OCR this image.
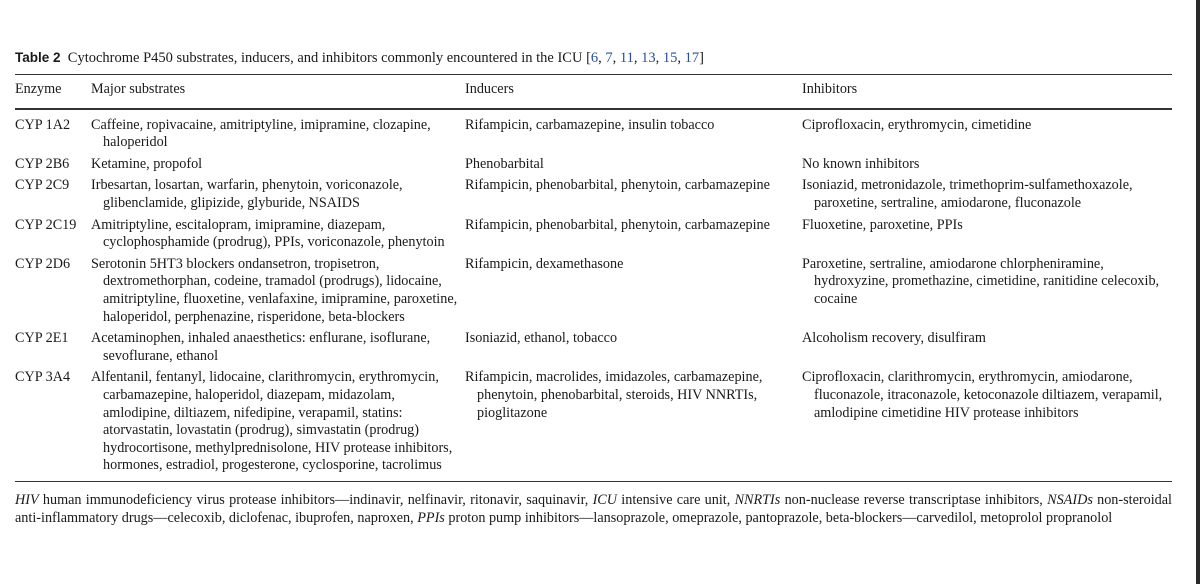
Table 2 Cytochrome P450 substrates, inducers, and inhibitors commonly encountered in the ICU [6, 7, 11, 13, 15, 17]
Enzyme	Major substrates	Inducers	Inhibitors
CYP 1A2	Caffeine, ropivacaine, amitriptyline, imipramine, clozapine, haloperidol	Rifampicin, carbamazepine, insulin tobacco	Ciprofloxacin, erythromycin, cimetidine
CYP 2B6	Ketamine, propofol	Phenobarbital	No known inhibitors
CYP 2C9	Irbesartan, losartan, warfarin, phenytoin, voriconazole, glibenclamide, glipizide, glyburide, NSAIDS	Rifampicin, phenobarbital, phenytoin, carbamazepine	Isoniazid, metronidazole, trimethoprim-sulfamethoxazole, paroxetine, sertraline, amiodarone, fluconazole
CYP 2C19	Amitriptyline, escitalopram, imipramine, diazepam, cyclophosphamide (prodrug), PPIs, voriconazole, phenytoin	Rifampicin, phenobarbital, phenytoin, carbamazepine	Fluoxetine, paroxetine, PPIs
CYP 2D6	Serotonin 5HT3 blockers ondansetron, tropisetron, dextromethorphan, codeine, tramadol (prodrugs), lidocaine, amitriptyline, fluoxetine, venlafaxine, imipramine, paroxetine, haloperidol, perphenazine, risperidone, beta-blockers	Rifampicin, dexamethasone	Paroxetine, sertraline, amiodarone chlorpheniramine, hydroxyzine, promethazine, cimetidine, ranitidine celecoxib, cocaine
CYP 2E1	Acetaminophen, inhaled anaesthetics: enflurane, isoflurane, sevoflurane, ethanol	Isoniazid, ethanol, tobacco	Alcoholism recovery, disulfiram
CYP 3A4	Alfentanil, fentanyl, lidocaine, clarithromycin, erythromycin, carbamazepine, haloperidol, diazepam, midazolam, amlodipine, diltiazem, nifedipine, verapamil, statins: atorvastatin, lovastatin (prodrug), simvastatin (prodrug) hydrocortisone, methylprednisolone, HIV protease inhibitors, hormones, estradiol, progesterone, cyclosporine, tacrolimus	Rifampicin, macrolides, imidazoles, carbamazepine, phenytoin, phenobarbital, steroids, HIV NNRTIs, pioglitazone	Ciprofloxacin, clarithromycin, erythromycin, amiodarone, fluconazole, itraconazole, ketoconazole diltiazem, verapamil, amlodipine cimetidine HIV protease inhibitors
HIV human immunodeficiency virus protease inhibitors—indinavir, nelfinavir, ritonavir, saquinavir, ICU intensive care unit, NNRTIs non-nuclease reverse transcriptase inhibitors, NSAIDs non-steroidal anti-inflammatory drugs—celecoxib, diclofenac, ibuprofen, naproxen, PPIs proton pump inhibitors—lansoprazole, omeprazole, pantoprazole, beta-blockers—carvedilol, metoprolol propranolol
